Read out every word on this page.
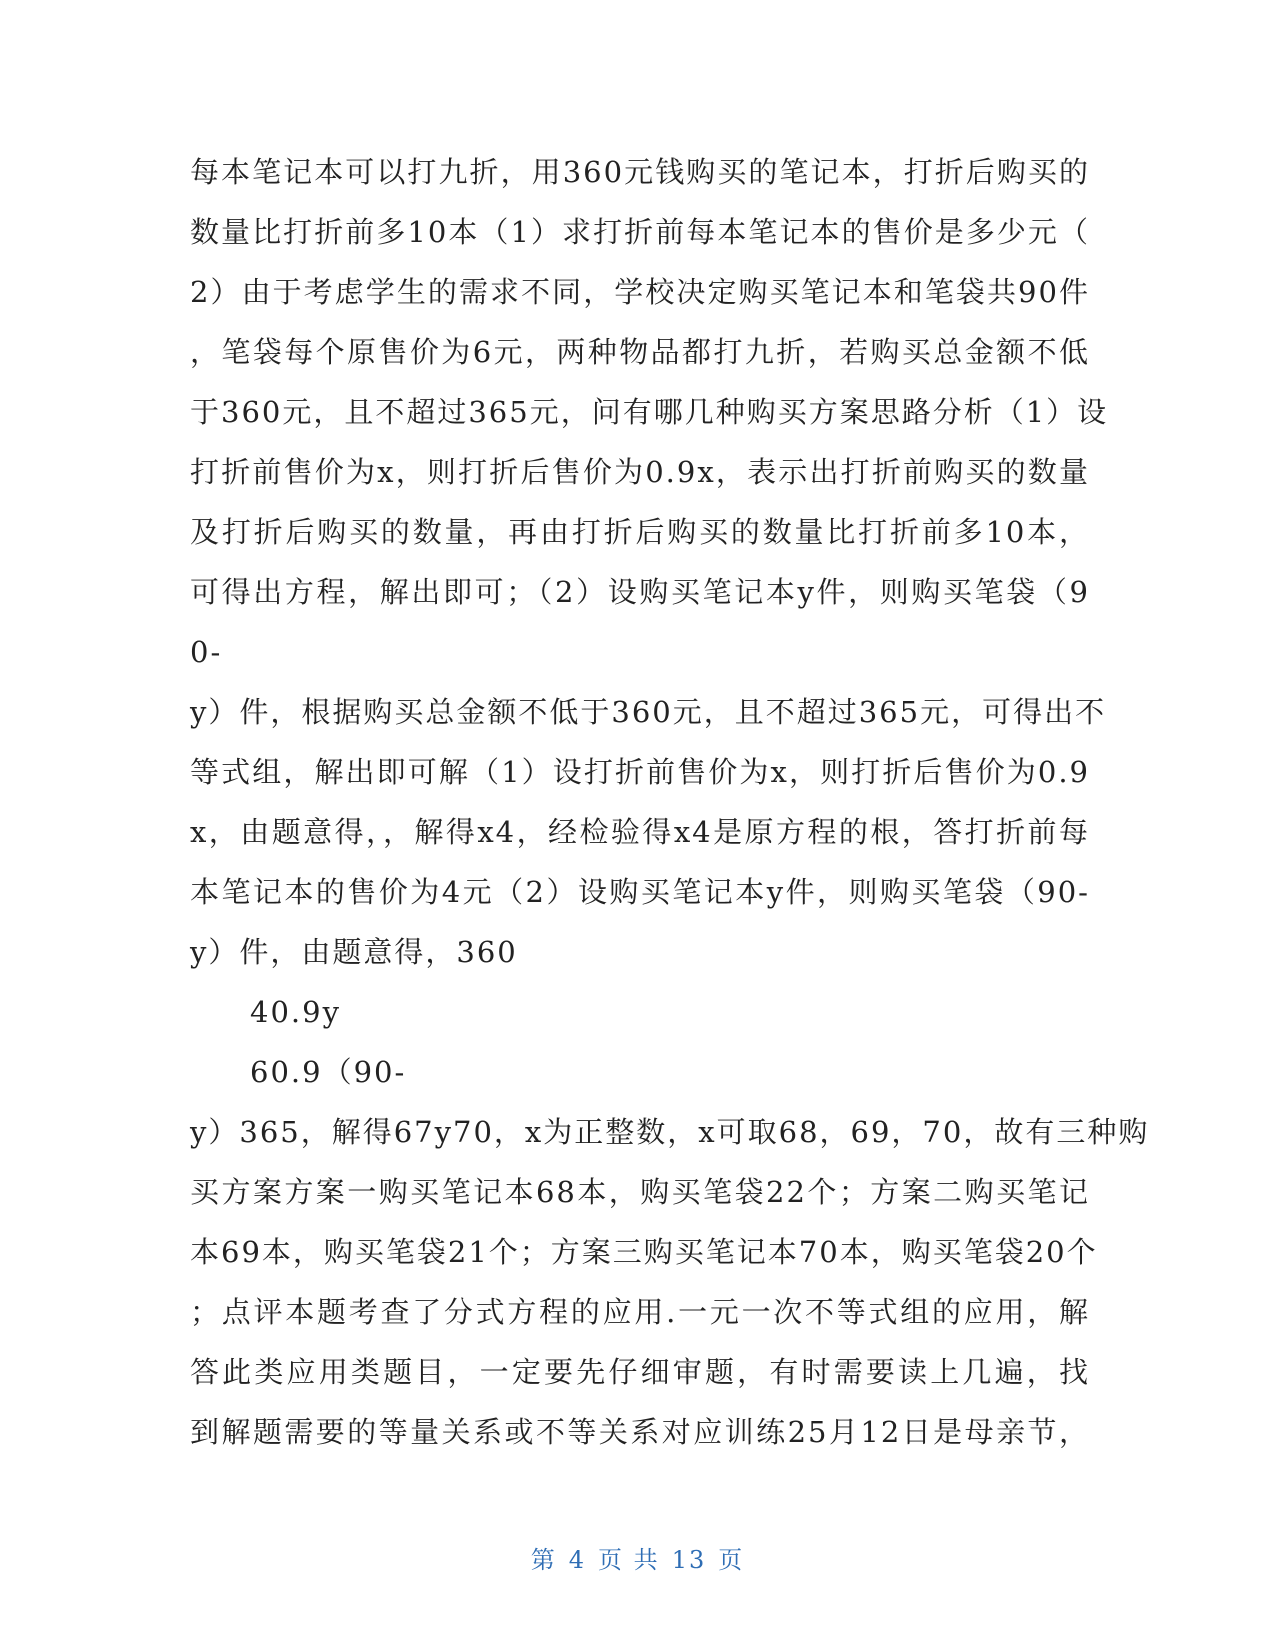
每本笔记本可以打九折，用360元钱购买的笔记本，打折后购买的
数量比打折前多10本（1）求打折前每本笔记本的售价是多少元（
2）由于考虑学生的需求不同，学校决定购买笔记本和笔袋共90件
，笔袋每个原售价为6元，两种物品都打九折，若购买总金额不低
于360元，且不超过365元，问有哪几种购买方案思路分析（1）设
打折前售价为x，则打折后售价为0.9x，表示出打折前购买的数量
及打折后购买的数量，再由打折后购买的数量比打折前多10本，
可得出方程，解出即可；（2）设购买笔记本y件，则购买笔袋（9
0-
y）件，根据购买总金额不低于360元，且不超过365元，可得出不
等式组，解出即可解（1）设打折前售价为x，则打折后售价为0.9
x，由题意得，，解得x4，经检验得x4是原方程的根，答打折前每
本笔记本的售价为4元（2）设购买笔记本y件，则购买笔袋（90-
y）件，由题意得，360
40.9y
60.9（90-
y）365，解得67y70，x为正整数，x可取68，69，70，故有三种购
买方案方案一购买笔记本68本，购买笔袋22个；方案二购买笔记
本69本，购买笔袋21个；方案三购买笔记本70本，购买笔袋20个
；点评本题考查了分式方程的应用.一元一次不等式组的应用，解
答此类应用类题目，一定要先仔细审题，有时需要读上几遍，找
到解题需要的等量关系或不等关系对应训练25月12日是母亲节，
第 4 页 共 13 页
